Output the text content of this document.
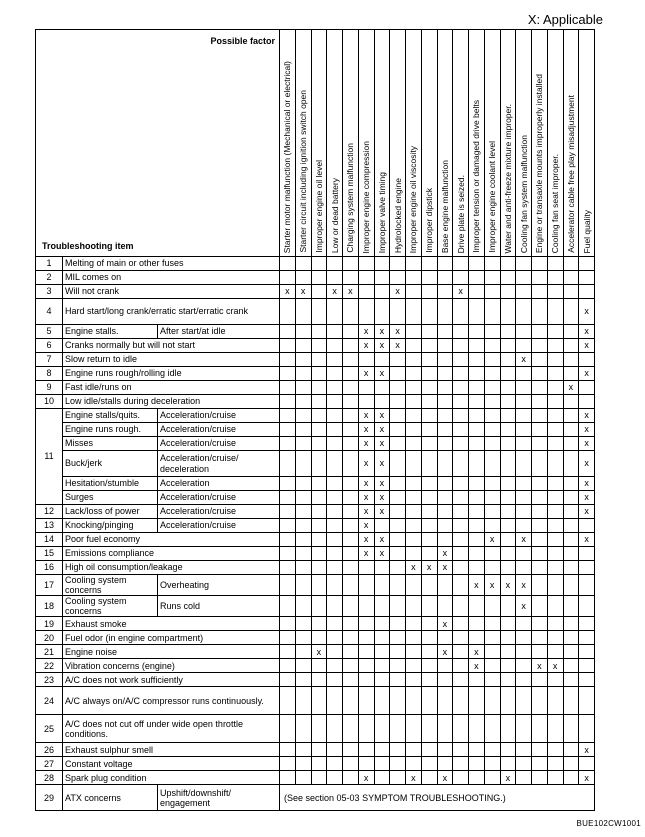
X: Applicable
Possible factor
Troubleshooting item			Starter motor malfunction (Mechanical or electrical)	Starter circuit including ignition switch open	Improper engine oil level	Low or dead battery	Charging system malfunction	Improper engine compression	Improper valve timing	Hydrolocked engine	Improper engine oil viscosity	Improper dipstick	Base engine malfunction	Drive plate is seized.	Improper tension or damaged drive belts	Improper engine coolant level	Water and anti-freeze mixture improper.	Cooling fan system malfunction	Engine or transaxle mounts improperly installed	Cooling fan seat improper.	Accelerator cable free play misadjustment	Fuel quality

1	Melting of main or other fuses																					
2	MIL comes on																					
3	Will not crank		x	x		x	x			x				x								
4	Hard start/long crank/erratic start/erratic crank																					x
5	Engine stalls.	After start/at idle						x	x	x												x
6	Cranks normally but will not start							x	x	x												x
7	Slow return to idle																	x				
8	Engine runs rough/rolling idle							x	x													x
9	Fast idle/runs on																				x	
10	Low idle/stalls during deceleration																					
11	Engine stalls/quits.	Acceleration/cruise						x	x													x
	Engine runs rough.	Acceleration/cruise						x	x													x
	Misses	Acceleration/cruise						x	x													x
	Buck/jerk	Acceleration/cruise/ deceleration						x	x													x
	Hesitation/stumble	Acceleration						x	x													x
	Surges	Acceleration/cruise						x	x													x
12	Lack/loss of power	Acceleration/cruise						x	x													x
13	Knocking/pinging	Acceleration/cruise						x														
14	Poor fuel economy							x	x							x		x				x
15	Emissions compliance							x	x				x									
16	High oil consumption/leakage										x	x	x									
17	Cooling system concerns	Overheating													x	x	x	x				
18	Cooling system concerns	Runs cold																x				
19	Exhaust smoke												x									
20	Fuel odor (in engine compartment)																					
21	Engine noise				x								x		x							
22	Vibration concerns (engine)														x				x	x		
23	A/C does not work sufficiently																					
24	A/C always on/A/C compressor runs continuously.																					
25	A/C does not cut off under wide open throttle conditions.																					
26	Exhaust sulphur smell																					x
27	Constant voltage																					
28	Spark plug condition							x			x		x				x					x
29	ATX concerns	Upshift/downshift/ engagement	(See section 05-03 SYMPTOM TROUBLESHOOTING.)																			
BUE102CW1001
